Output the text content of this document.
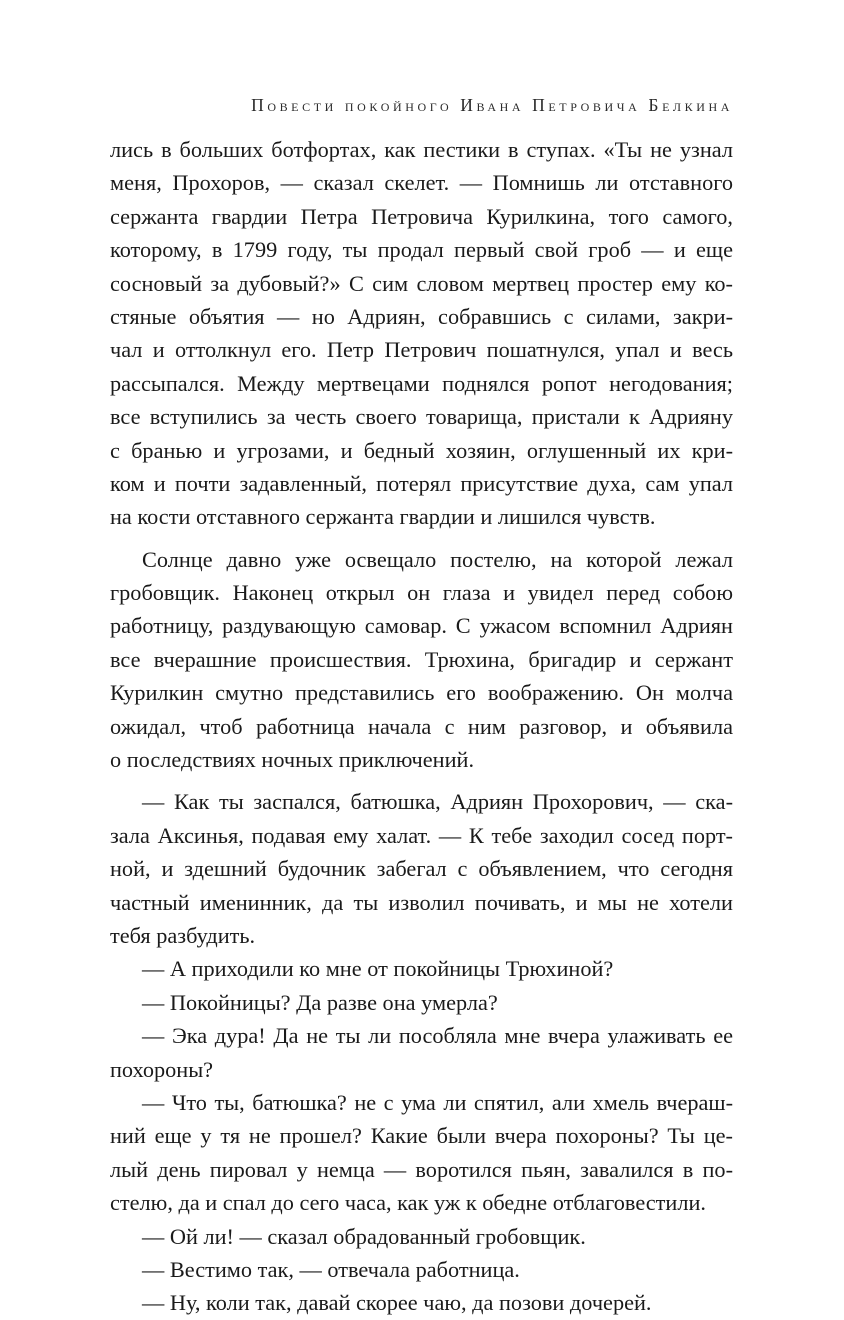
Повести покойного Ивана Петровича Белкина
лись в больших ботфортах, как пестики в ступах. «Ты не узнал
меня, Прохоров, — сказал скелет. — Помнишь ли отставного
сержанта гвардии Петра Петровича Курилкина, того самого,
которому, в 1799 году, ты продал первый свой гроб — и еще
сосновый за дубовый?» С сим словом мертвец простер ему ко-
стяные объятия — но Адриян, собравшись с силами, закри-
чал и оттолкнул его. Петр Петрович пошатнулся, упал и весь
рассыпался. Между мертвецами поднялся ропот негодования;
все вступились за честь своего товарища, пристали к Адрияну
с бранью и угрозами, и бедный хозяин, оглушенный их кри-
ком и почти задавленный, потерял присутствие духа, сам упал
на кости отставного сержанта гвардии и лишился чувств.
Солнце давно уже освещало постелю, на которой лежал
гробовщик. Наконец открыл он глаза и увидел перед собою
работницу, раздувающую самовар. С ужасом вспомнил Адриян
все вчерашние происшествия. Трюхина, бригадир и сержант
Курилкин смутно представились его воображению. Он молча
ожидал, чтоб работница начала с ним разговор, и объявила
о последствиях ночных приключений.
— Как ты заспался, батюшка, Адриян Прохорович, — ска-
зала Аксинья, подавая ему халат. — К тебе заходил сосед порт-
ной, и здешний будочник забегал с объявлением, что сегодня
частный именинник, да ты изволил почивать, и мы не хотели
тебя разбудить.
— А приходили ко мне от покойницы Трюхиной?
— Покойницы? Да разве она умерла?
— Эка дура! Да не ты ли пособляла мне вчера улаживать ее
похороны?
— Что ты, батюшка? не с ума ли спятил, али хмель вчераш-
ний еще у тя не прошел? Какие были вчера похороны? Ты це-
лый день пировал у немца — воротился пьян, завалился в по-
стелю, да и спал до сего часа, как уж к обедне отблаговестили.
— Ой ли! — сказал обрадованный гробовщик.
— Вестимо так, — отвечала работница.
— Ну, коли так, давай скорее чаю, да позови дочерей.
